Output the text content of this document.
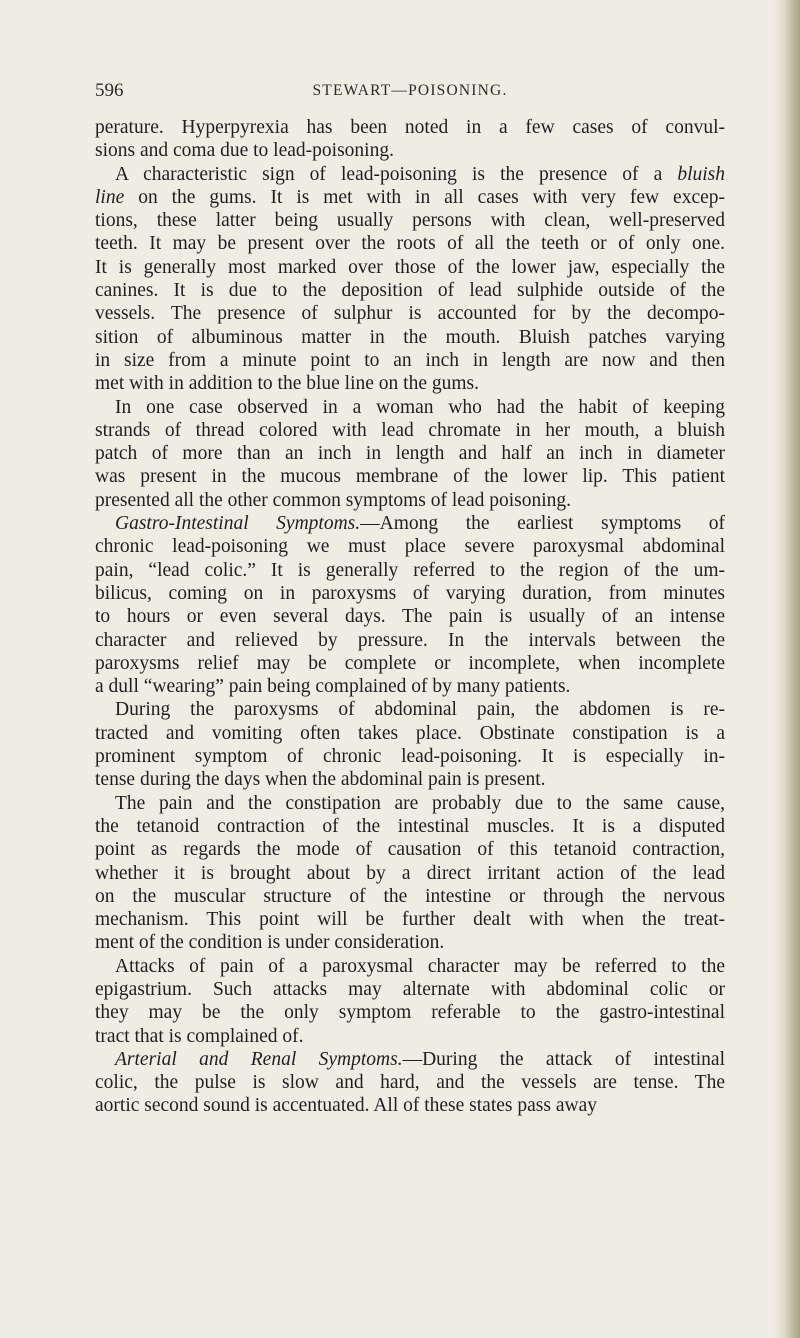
596	STEWART—POISONING.
perature. Hyperpyrexia has been noted in a few cases of convul-
sions and coma due to lead-poisoning.
A characteristic sign of lead-poisoning is the presence of a bluish
line on the gums. It is met with in all cases with very few excep-
tions, these latter being usually persons with clean, well-preserved
teeth. It may be present over the roots of all the teeth or of only one.
It is generally most marked over those of the lower jaw, especially the
canines. It is due to the deposition of lead sulphide outside of the
vessels. The presence of sulphur is accounted for by the decompo-
sition of albuminous matter in the mouth. Bluish patches varying
in size from a minute point to an inch in length are now and then
met with in addition to the blue line on the gums.
In one case observed in a woman who had the habit of keeping
strands of thread colored with lead chromate in her mouth, a bluish
patch of more than an inch in length and half an inch in diameter
was present in the mucous membrane of the lower lip. This patient
presented all the other common symptoms of lead poisoning.
Gastro-Intestinal Symptoms.—Among the earliest symptoms of
chronic lead-poisoning we must place severe paroxysmal abdominal
pain, “lead colic.” It is generally referred to the region of the um-
bilicus, coming on in paroxysms of varying duration, from minutes
to hours or even several days. The pain is usually of an intense
character and relieved by pressure. In the intervals between the
paroxysms relief may be complete or incomplete, when incomplete
a dull “wearing” pain being complained of by many patients.
During the paroxysms of abdominal pain, the abdomen is re-
tracted and vomiting often takes place. Obstinate constipation is a
prominent symptom of chronic lead-poisoning. It is especially in-
tense during the days when the abdominal pain is present.
The pain and the constipation are probably due to the same cause,
the tetanoid contraction of the intestinal muscles. It is a disputed
point as regards the mode of causation of this tetanoid contraction,
whether it is brought about by a direct irritant action of the lead
on the muscular structure of the intestine or through the nervous
mechanism. This point will be further dealt with when the treat-
ment of the condition is under consideration.
Attacks of pain of a paroxysmal character may be referred to the
epigastrium. Such attacks may alternate with abdominal colic or
they may be the only symptom referable to the gastro-intestinal
tract that is complained of.
Arterial and Renal Symptoms.—During the attack of intestinal
colic, the pulse is slow and hard, and the vessels are tense. The
aortic second sound is accentuated. All of these states pass away
